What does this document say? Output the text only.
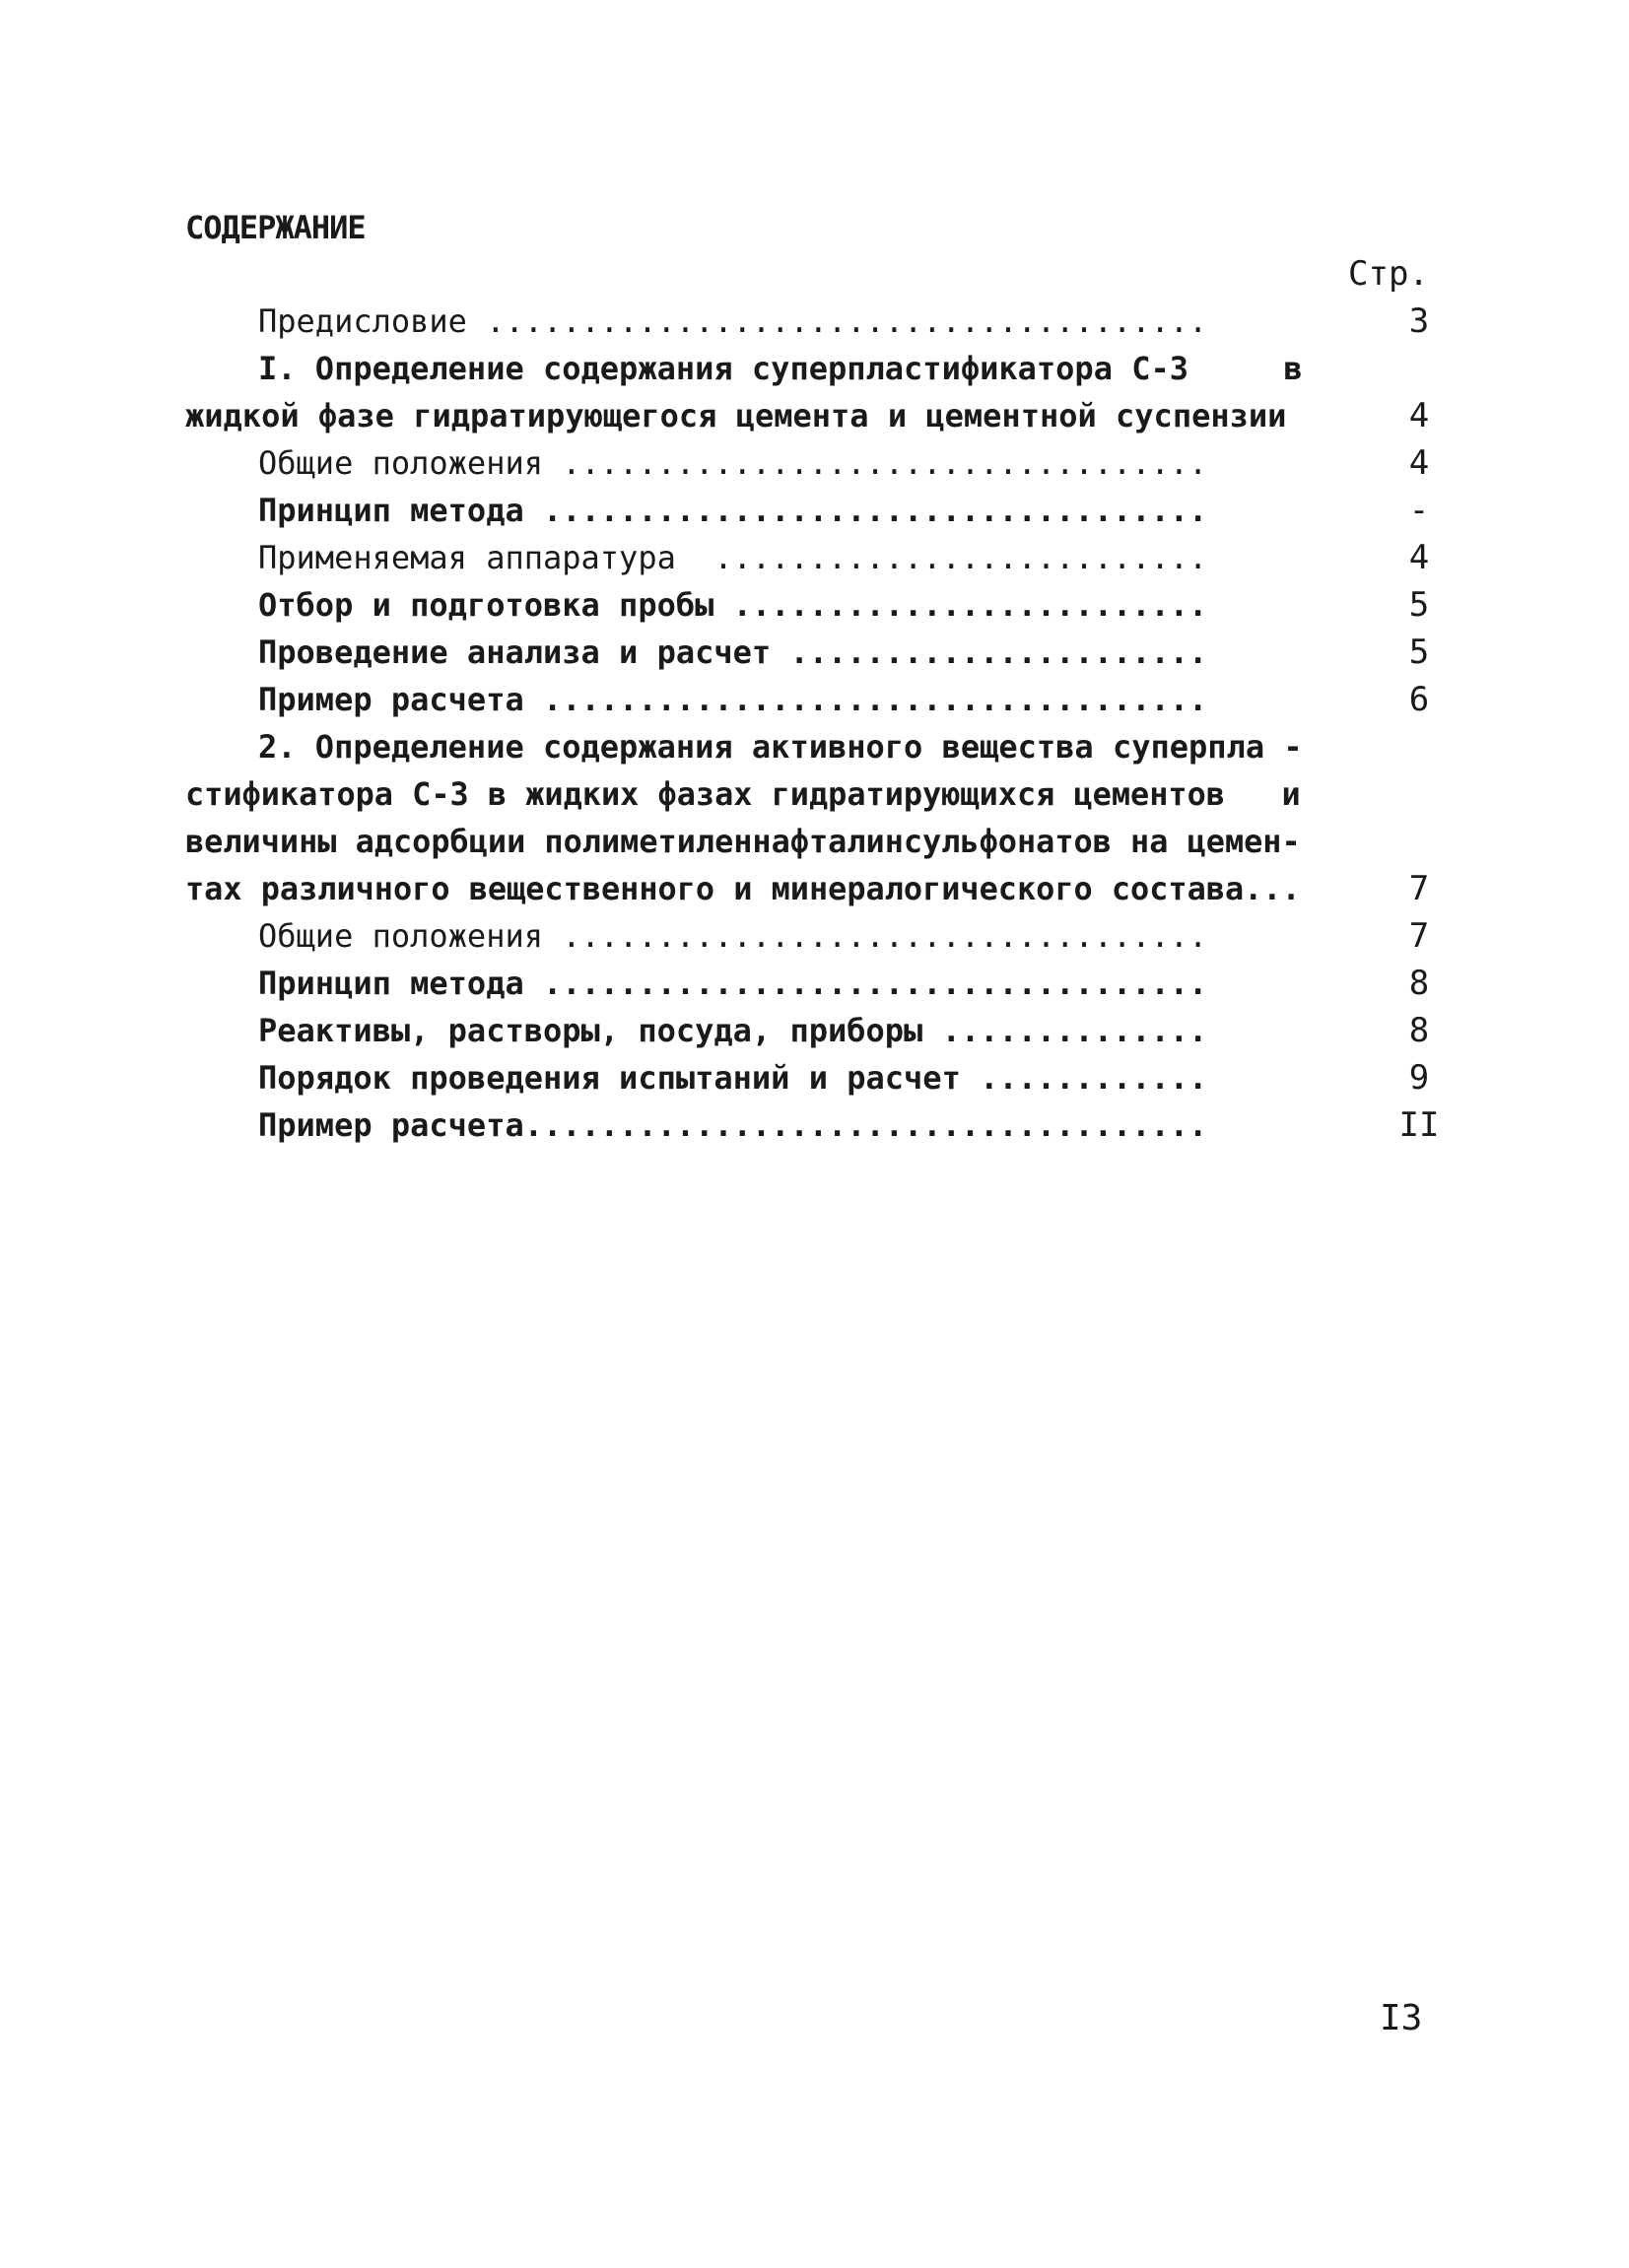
СОДЕРЖАНИЕ
Стр.
Предисловие ......................................	3
I. Определение содержания суперпластификатора С-3     в
жидкой фазе гидратирующегося цемента и цементной суспензии	4
Общие положения ..................................	4
Принцип метода ...................................	-
Применяемая аппаратура  ..........................	4
Отбор и подготовка пробы .........................	5
Проведение анализа и расчет ......................	5
Пример расчета ...................................	6
2. Определение содержания активного вещества суперпла -
стификатора С-3 в жидких фазах гидратирующихся цементов   и
величины адсорбции полиметиленнафталинсульфонатов на цемен-
тах различного вещественного и минералогического состава...	7
Общие положения ..................................	7
Принцип метода ...................................	8
Реактивы, растворы, посуда, приборы ..............	8
Порядок проведения испытаний и расчет ............	9
Пример расчета....................................	II
I3
